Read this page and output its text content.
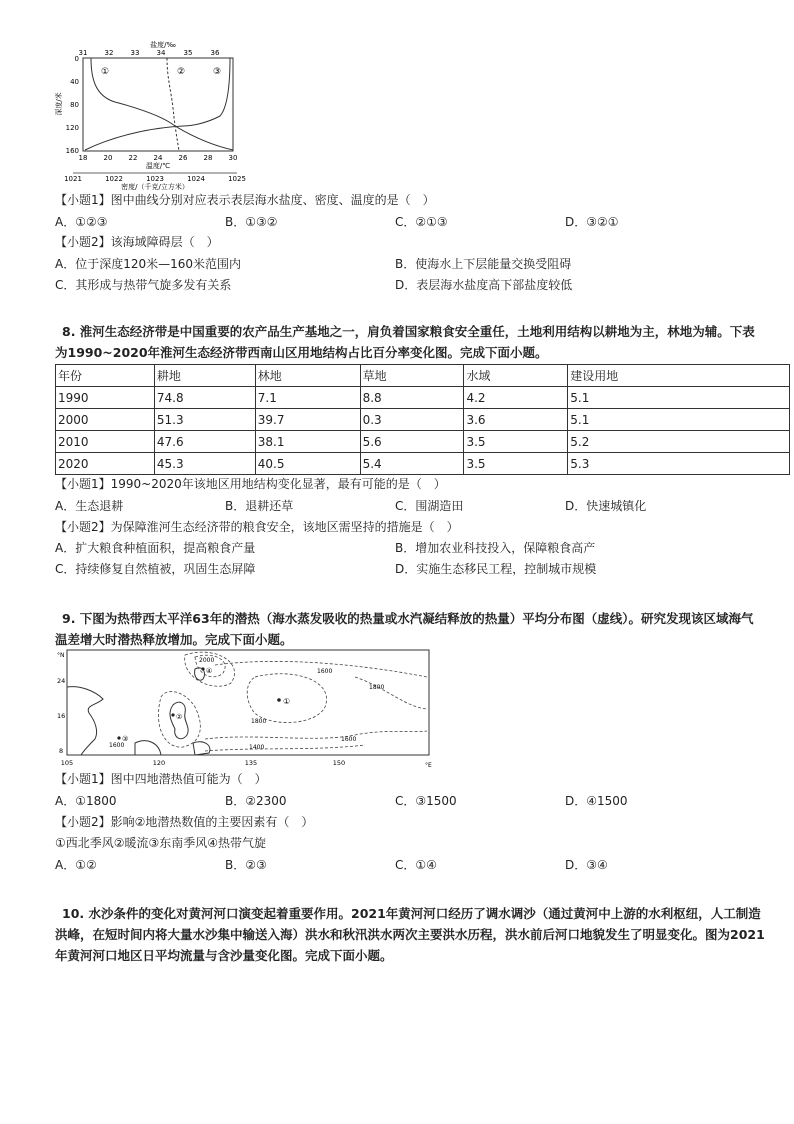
盐度/‰
31 32 33 34	35	36
0
40
80
120
160
深度/米
①	②	③
18 20 22 24 26 28 30
温度/℃
1021	1022	1023	1024	1025
密度/（千克/立方米）
【小题1】图中曲线分别对应表示表层海水盐度、密度、温度的是（　）
A．①②③	B．①③②	C．②①③	D．③②①
【小题2】该海域障碍层（　）
A．位于深度120米—160米范围内	B．使海水上下层能量交换受阻碍
C．其形成与热带气旋多发有关系	D．表层海水盐度高下部盐度较低
8. 淮河生态经济带是中国重要的农产品生产基地之一，肩负着国家粮食安全重任，土地利用结构以耕地为主，林地为辅。下表
为1990~2020年淮河生态经济带西南山区用地结构占比百分率变化图。完成下面小题。
年份	耕地	林地	草地	水域	建设用地
1990	74.8	7.1	8.8	4.2	5.1
2000	51.3	39.7	0.3	3.6	5.1
2010	47.6	38.1	5.6	3.5	5.2
2020	45.3	40.5	5.4	3.5	5.3
【小题1】1990~2020年该地区用地结构变化显著，最有可能的是（　）
A．生态退耕	B．退耕还草	C．围湖造田	D．快速城镇化
【小题2】为保障淮河生态经济带的粮食安全，该地区需坚持的措施是（　）
A．扩大粮食种植面积，提高粮食产量	B．增加农业科技投入，保障粮食高产
C．持续修复自然植被，巩固生态屏障	D．实施生态移民工程，控制城市规模
9. 下图为热带西太平洋63年的潜热（海水蒸发吸收的热量或水汽凝结释放的热量）平均分布图（虚线）。研究发现该区域海气
温差增大时潜热释放增加。完成下面小题。
°N
24
16
8
2000
1600
1800
1800
1600
1400
1600
①
②
③
④
105	120	135	150	°E
【小题1】图中四地潜热值可能为（　）
A．①1800	B．②2300	C．③1500	D．④1500
【小题2】影响②地潜热数值的主要因素有（　）
①西北季风②暖流③东南季风④热带气旋
A．①②	B．②③	C．①④	D．③④
10. 水沙条件的变化对黄河河口演变起着重要作用。2021年黄河河口经历了调水调沙（通过黄河中上游的水利枢纽，人工制造
洪峰，在短时间内将大量水沙集中输送入海）洪水和秋汛洪水两次主要洪水历程，洪水前后河口地貌发生了明显变化。图为2021
年黄河河口地区日平均流量与含沙量变化图。完成下面小题。
